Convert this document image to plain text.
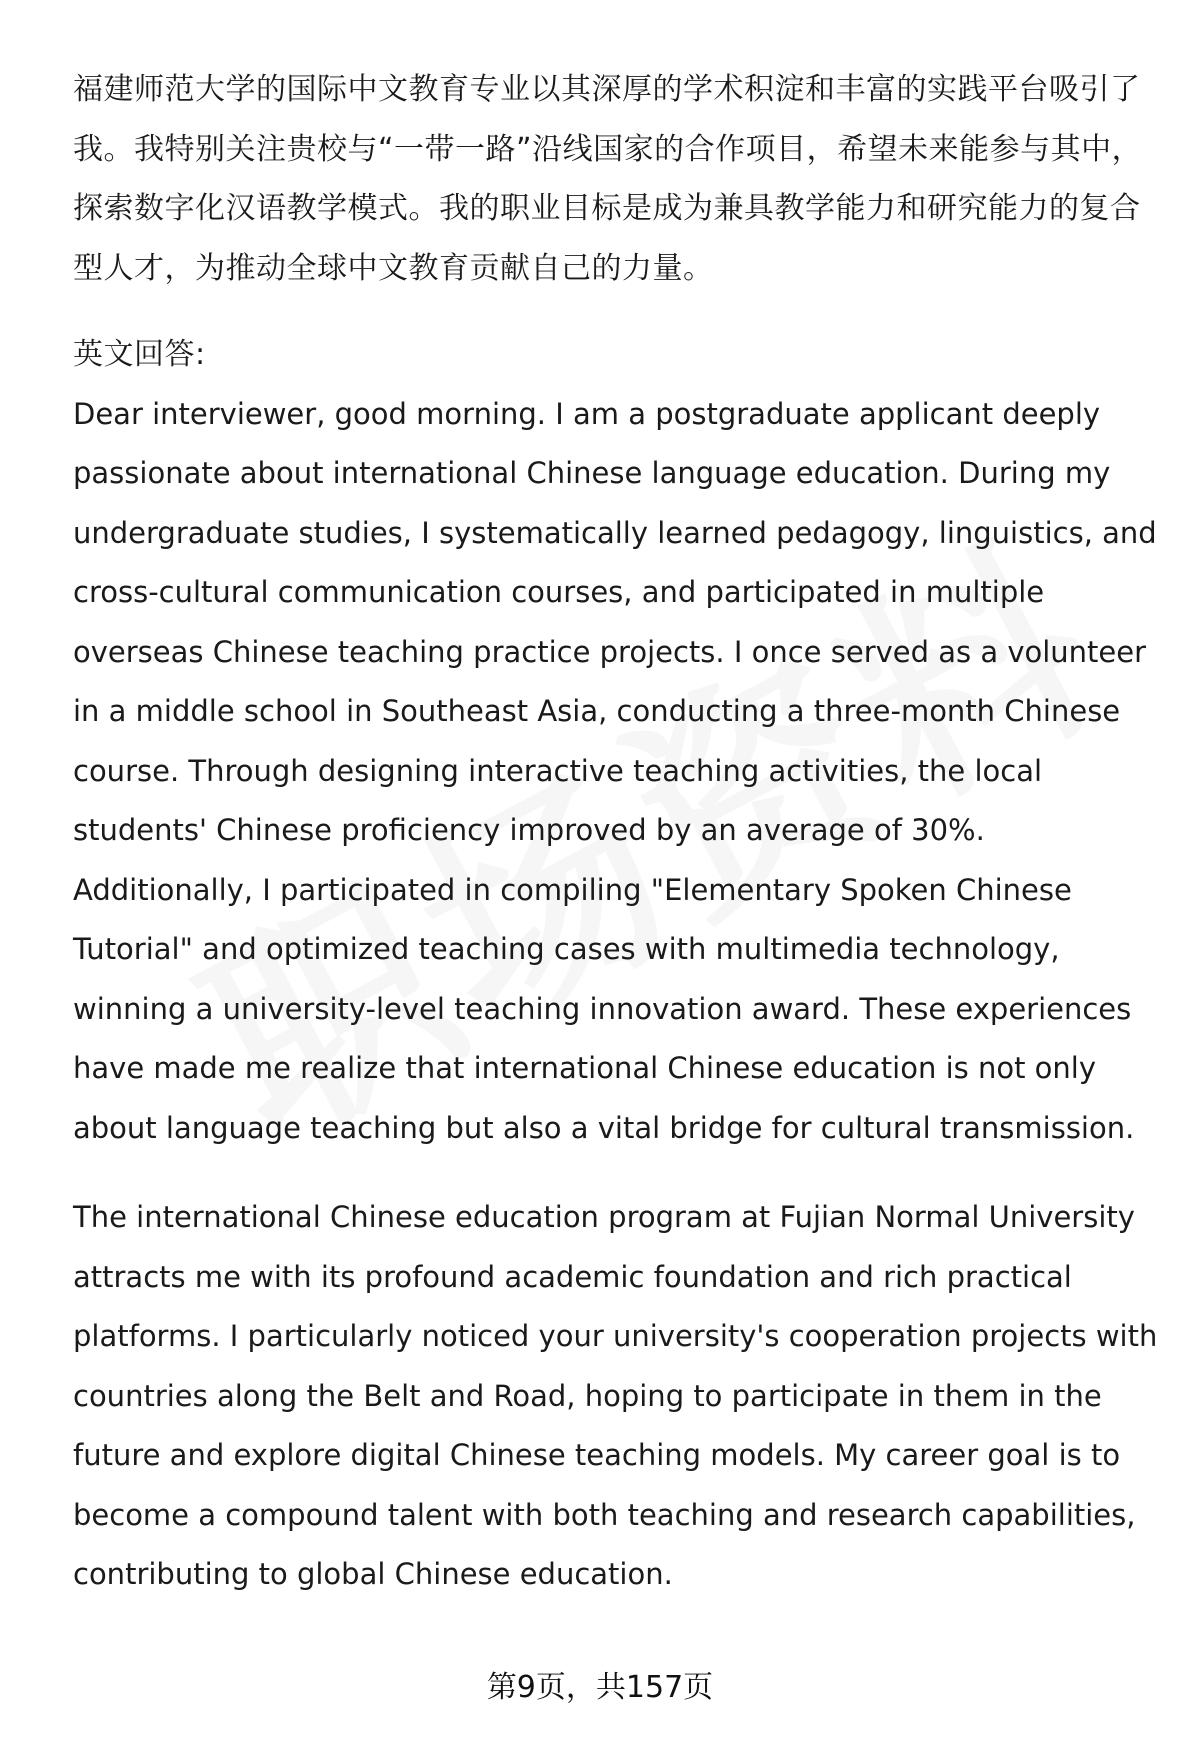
福建师范大学的国际中文教育专业以其深厚的学术积淀和丰富的实践平台吸引了我。我特别关注贵校与“一带一路”沿线国家的合作项目，希望未来能参与其中，探索数字化汉语教学模式。我的职业目标是成为兼具教学能力和研究能力的复合型人才，为推动全球中文教育贡献自己的力量。

英文回答:

Dear interviewer, good morning. I am a postgraduate applicant deeply passionate about international Chinese language education. During my undergraduate studies, I systematically learned pedagogy, linguistics, and cross-cultural communication courses, and participated in multiple overseas Chinese teaching practice projects. I once served as a volunteer in a middle school in Southeast Asia, conducting a three-month Chinese course. Through designing interactive teaching activities, the local students' Chinese proficiency improved by an average of 30%. Additionally, I participated in compiling "Elementary Spoken Chinese Tutorial" and optimized teaching cases with multimedia technology, winning a university-level teaching innovation award. These experiences have made me realize that international Chinese education is not only about language teaching but also a vital bridge for cultural transmission.

The international Chinese education program at Fujian Normal University attracts me with its profound academic foundation and rich practical platforms. I particularly noticed your university's cooperation projects with countries along the Belt and Road, hoping to participate in them in the future and explore digital Chinese teaching models. My career goal is to become a compound talent with both teaching and research capabilities, contributing to global Chinese education.

第9页，共157页
